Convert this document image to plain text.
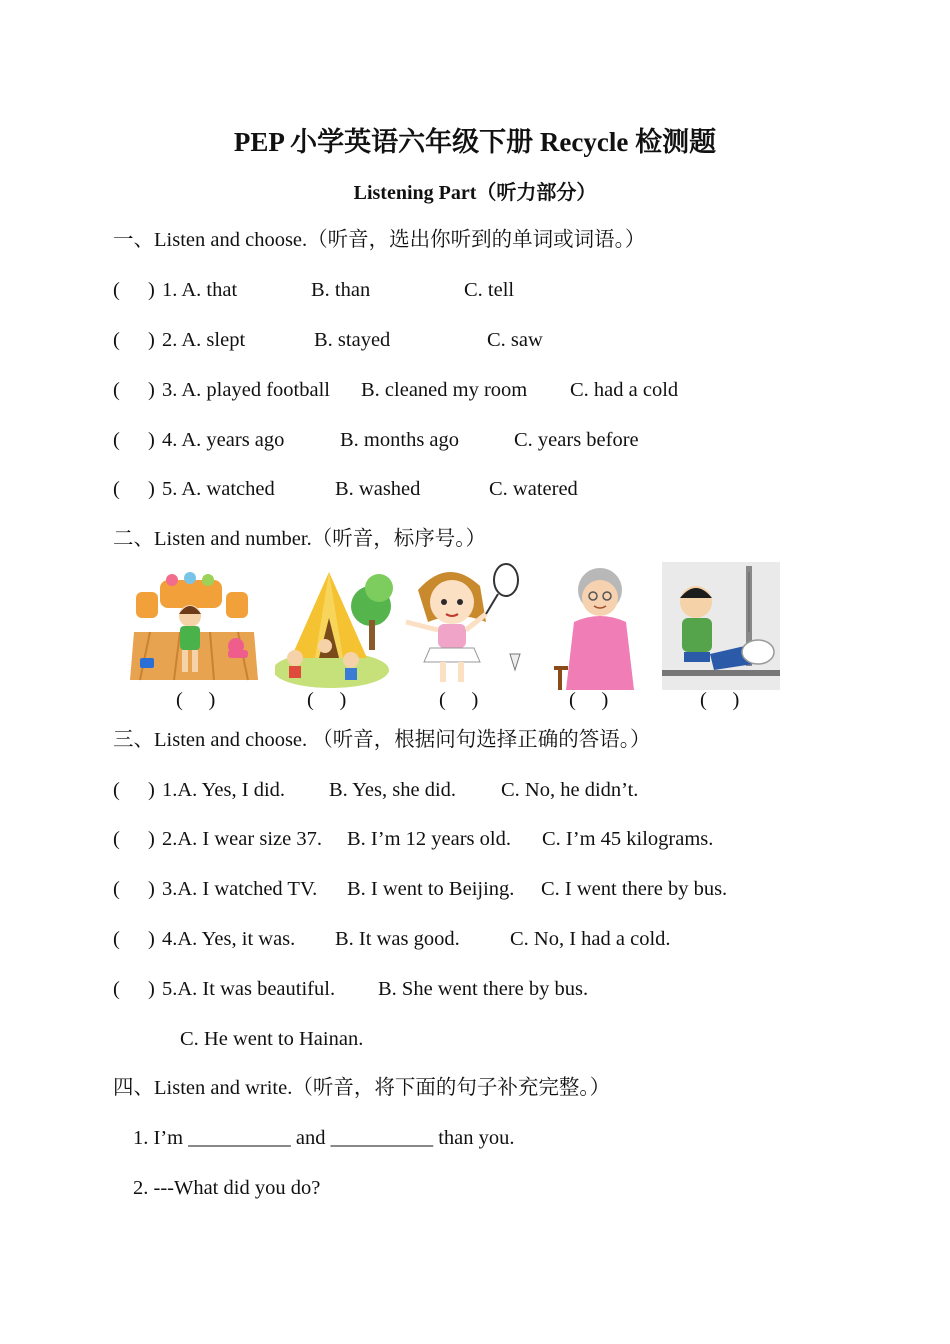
PEP 小学英语六年级下册 Recycle 检测题
Listening Part（听力部分）
一、Listen and choose.（听音，选出你听到的单词或词语。）
( ) 1. A. that	B. than	C. tell
( ) 2. A. slept	B. stayed	C. saw
( ) 3. A. played football B. cleaned my room C. had a cold
( ) 4. A. years ago	B. months ago	C. years before
( ) 5. A. watched	B. washed	C. watered
二、Listen and number.（听音，标序号。）
(     )	(     )	(     )	(     )	(     )
三、Listen and choose. （听音，根据问句选择正确的答语。）
( ) 1.A. Yes, I did. B. Yes, she did. C. No, he didn’t.
( ) 2.A. I wear size 37. B. I’m 12 years old. C. I’m 45 kilograms.
( ) 3.A. I watched TV. B. I went to Beijing. C. I went there by bus.
( ) 4.A. Yes, it was. B. It was good. C. No, I had a cold.
( ) 5.A. It was beautiful. B. She went there by bus.
C. He went to Hainan.
四、Listen and write.（听音，将下面的句子补充完整。）
1. I’m __________ and __________ than you.
2. ---What did you do?
